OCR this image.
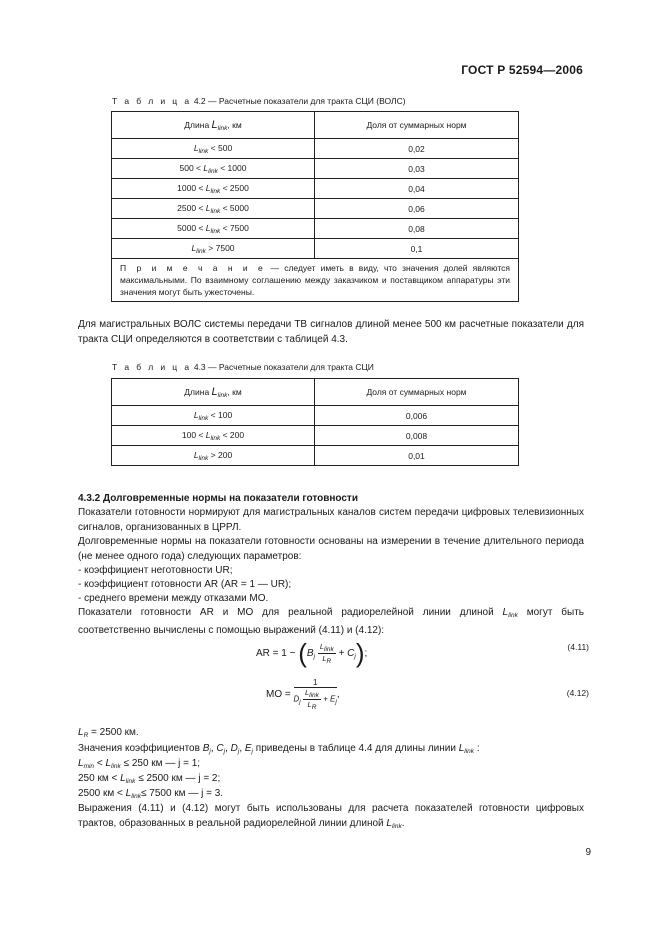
ГОСТ Р 52594—2006
Т а б л и ц а 4.2 — Расчетные показатели для тракта СЦИ (ВОЛС)
Длина $L_{link}$, км	Доля от суммарных норм
$L_{link} < 500$	0,02
$500 < L_{link} < 1000$	0,03
$1000 < L_{link} < 2500$	0,04
$2500 < L_{link} < 5000$	0,06
$5000 < L_{link} < 7500$	0,08
$L_{link} > 7500$	0,1
П р и м е ч а н и е — следует иметь в виду, что значения долей являются максимальными. По взаимному соглашению между заказчиком и поставщиком аппаратуры эти значения могут быть ужесточены.	
Для магистральных ВОЛС системы передачи ТВ сигналов длиной менее 500 км расчетные показатели для тракта СЦИ определяются в соответствии с таблицей 4.3.
Т а б л и ц а 4.3 — Расчетные показатели для тракта СЦИ
Длина $L_{link}$, км	Доля от суммарных норм
$L_{link} < 100$	0,006
$100 < L_{link} < 200$	0,008
$L_{link} > 200$	0,01
4.3.2 Долговременные нормы на показатели готовности
Показатели готовности нормируют для магистральных каналов систем передачи цифровых телевизионных сигналов, организованных в ЦРРЛ.
Долговременные нормы на показатели готовности основаны на измерении в течение длительного периода (не менее одного года) следующих параметров:
- коэффициент неготовности UR;
- коэффициент готовности AR (AR = 1 — UR);
- среднего времени между отказами МО.
Показатели готовности AR и МО для реальной радиорелейной линии длиной $L_{link}$ могут быть соответственно вычислены с помощью выражений (4.11) и (4.12):
AR = $1 - (B_j \frac{L_{link}}{L_R} + C_j)$;
(4.11)
МО = $\frac{1}{D_j \frac{L_{link}}{L_R} + E_j}$ ,	(4.12)
$L_R = 2500$ км.
Значения коэффициентов $B_j$, $C_j$, $D_j$, $E_j$ приведены в таблице 4.4 для длины линии $L_{link}$ :
$L_{min} < L_{link} \le 250$ км — j = 1;
250 км < $L_{link} \le 2500$ км — j = 2;
2500 км < $L_{link}\le 7500$ км — j = 3.
Выражения (4.11) и (4.12) могут быть использованы для расчета показателей готовности цифровых трактов, образованных в реальной радиорелейной линии длиной $L_{link}$.
9
